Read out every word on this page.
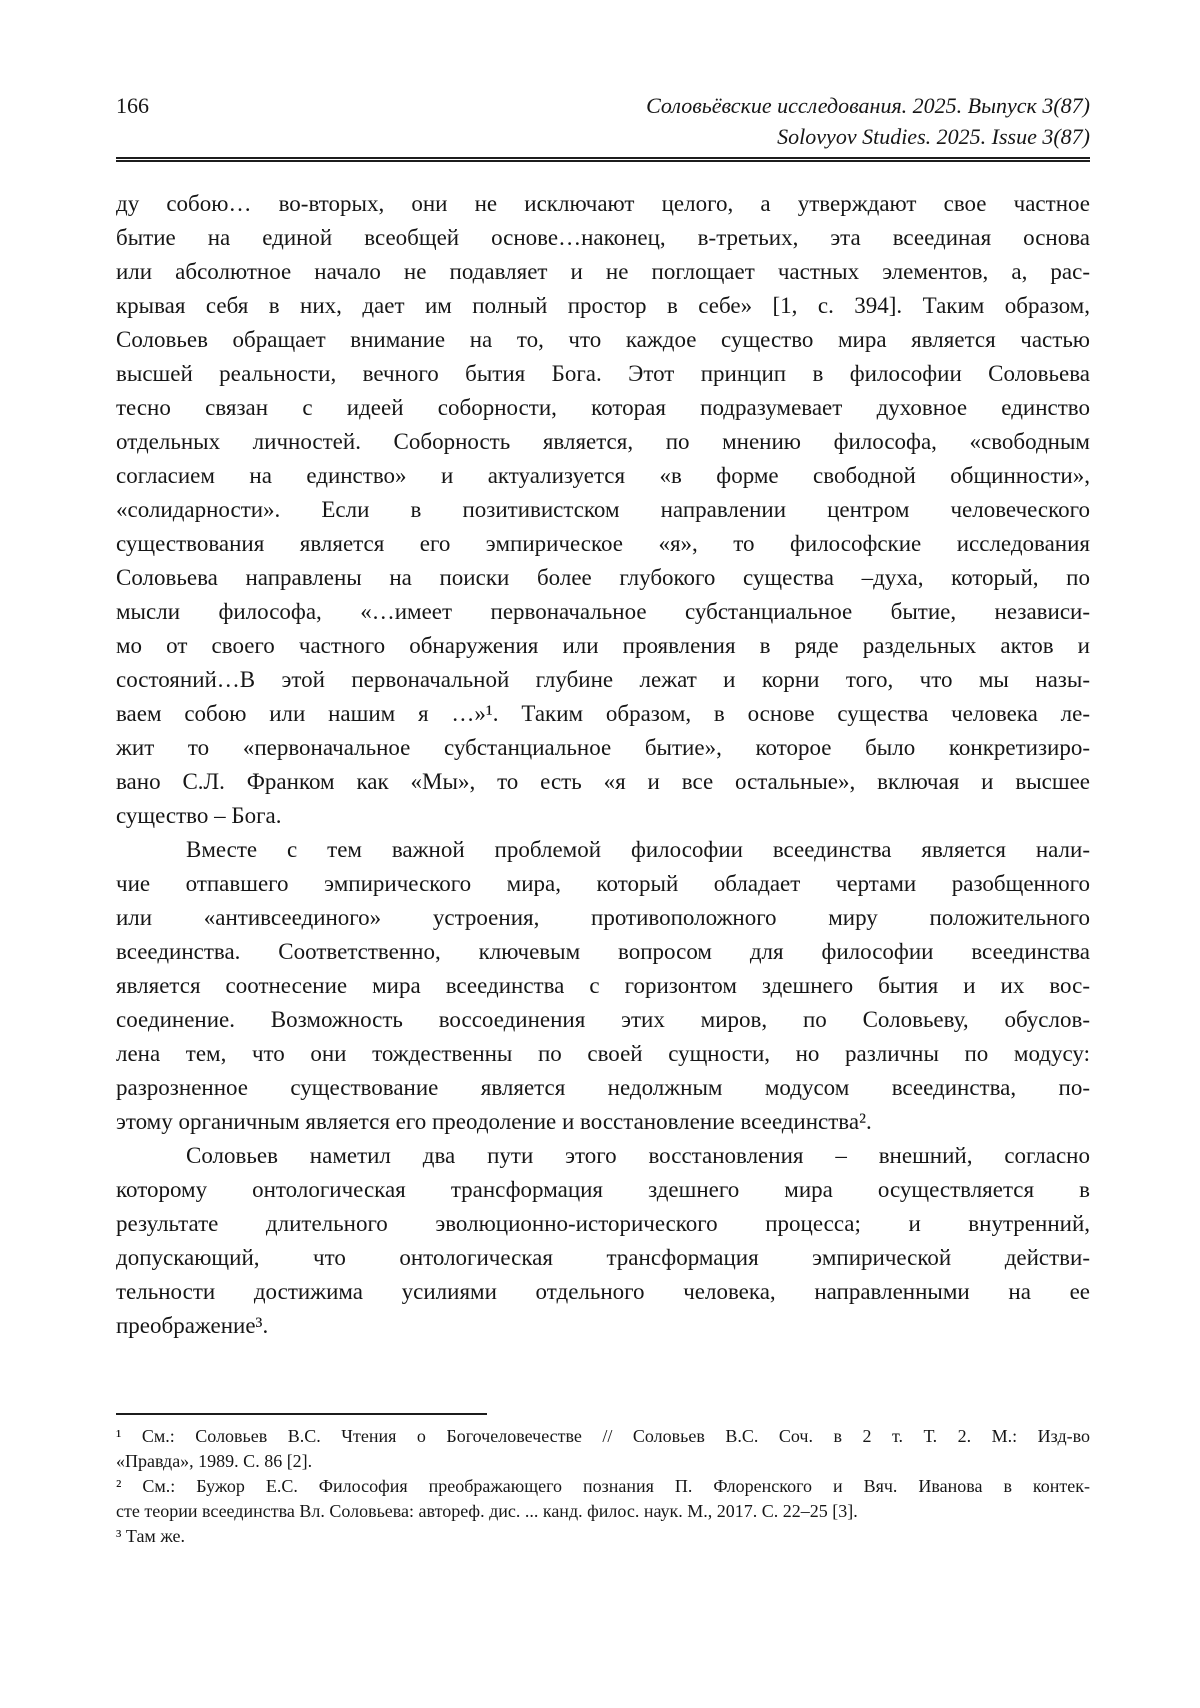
166	Соловьёвские исследования. 2025. Выпуск 3(87)
Solovyov Studies. 2025. Issue 3(87)
ду собою… во-вторых, они не исключают целого, а утверждают свое частное
бытие на единой всеобщей основе…наконец, в-третьих, эта всеединая основа
или абсолютное начало не подавляет и не поглощает частных элементов, а, рас-
крывая себя в них, дает им полный простор в себе» [1, с. 394]. Таким образом,
Соловьев обращает внимание на то, что каждое существо мира является частью
высшей реальности, вечного бытия Бога. Этот принцип в философии Соловьева
тесно связан с идеей соборности, которая подразумевает духовное единство
отдельных личностей. Соборность является, по мнению философа, «свободным
согласием на единство» и актуализуется «в форме свободной общинности»,
«солидарности». Если в позитивистском направлении центром человеческого
существования является его эмпирическое «я», то философские исследования
Соловьева направлены на поиски более глубокого существа –духа, который, по
мысли философа, «…имеет первоначальное субстанциальное бытие, независи-
мо от своего частного обнаружения или проявления в ряде раздельных актов и
состояний…В этой первоначальной глубине лежат и корни того, что мы назы-
ваем собою или нашим я …»¹. Таким образом, в основе существа человека ле-
жит то «первоначальное субстанциальное бытие», которое было конкретизиро-
вано С.Л. Франком как «Мы», то есть «я и все остальные», включая и высшее
существо – Бога.
Вместе с тем важной проблемой философии всеединства является нали-
чие отпавшего эмпирического мира, который обладает чертами разобщенного
или «антивсеединого» устроения, противоположного миру положительного
всеединства. Соответственно, ключевым вопросом для философии всеединства
является соотнесение мира всеединства с горизонтом здешнего бытия и их вос-
соединение. Возможность воссоединения этих миров, по Соловьеву, обуслов-
лена тем, что они тождественны по своей сущности, но различны по модусу:
разрозненное существование является недолжным модусом всеединства, по-
этому органичным является его преодоление и восстановление всеединства².
Соловьев наметил два пути этого восстановления – внешний, согласно
которому онтологическая трансформация здешнего мира осуществляется в
результате длительного эволюционно-исторического процесса; и внутренний,
допускающий, что онтологическая трансформация эмпирической действи-
тельности достижима усилиями отдельного человека, направленными на ее
преображение³.
¹ См.: Соловьев В.С. Чтения о Богочеловечестве // Соловьев В.С. Соч. в 2 т. Т. 2. М.: Изд-во
«Правда», 1989. С. 86 [2].
² См.: Бужор Е.С. Философия преображающего познания П. Флоренского и Вяч. Иванова в контек-
сте теории всеединства Вл. Соловьева: автореф. дис. ... канд. филос. наук. М., 2017. С. 22–25 [3].
³ Там же.
